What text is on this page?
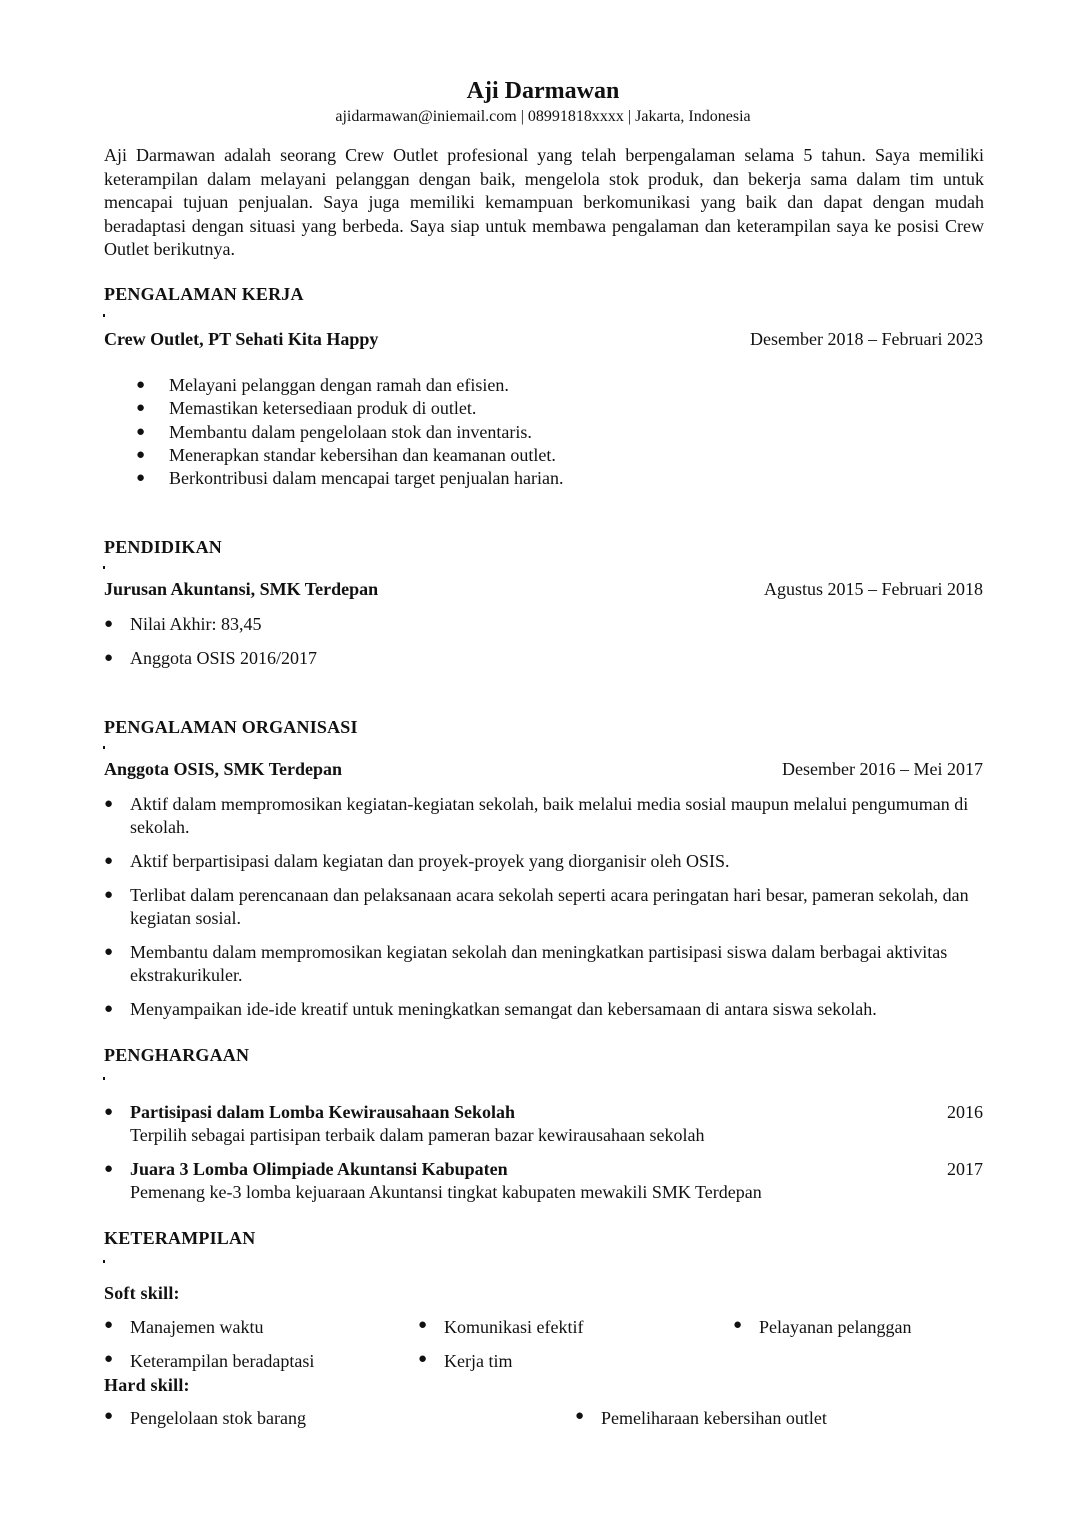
Aji Darmawan
ajidarmawan@iniemail.com | 08991818xxxx | Jakarta, Indonesia
Aji Darmawan adalah seorang Crew Outlet profesional yang telah berpengalaman selama 5 tahun. Saya memiliki keterampilan dalam melayani pelanggan dengan baik, mengelola stok produk, dan bekerja sama dalam tim untuk mencapai tujuan penjualan. Saya juga memiliki kemampuan berkomunikasi yang baik dan dapat dengan mudah beradaptasi dengan situasi yang berbeda. Saya siap untuk membawa pengalaman dan keterampilan saya ke posisi Crew Outlet berikutnya.
PENGALAMAN KERJA
Crew Outlet, PT Sehati Kita Happy	Desember 2018 – Februari 2023
●	Melayani pelanggan dengan ramah dan efisien.
●	Memastikan ketersediaan produk di outlet.
●	Membantu dalam pengelolaan stok dan inventaris.
●	Menerapkan standar kebersihan dan keamanan outlet.
●	Berkontribusi dalam mencapai target penjualan harian.
PENDIDIKAN
Jurusan Akuntansi, SMK Terdepan	Agustus 2015 – Februari 2018
● Nilai Akhir: 83,45
● Anggota OSIS 2016/2017
PENGALAMAN ORGANISASI
Anggota OSIS, SMK Terdepan	Desember 2016 – Mei 2017
● Aktif dalam mempromosikan kegiatan-kegiatan sekolah, baik melalui media sosial maupun melalui pengumuman di sekolah.
● Aktif berpartisipasi dalam kegiatan dan proyek-proyek yang diorganisir oleh OSIS.
● Terlibat dalam perencanaan dan pelaksanaan acara sekolah seperti acara peringatan hari besar, pameran sekolah, dan kegiatan sosial.
● Membantu dalam mempromosikan kegiatan sekolah dan meningkatkan partisipasi siswa dalam berbagai aktivitas ekstrakurikuler.
● Menyampaikan ide-ide kreatif untuk meningkatkan semangat dan kebersamaan di antara siswa sekolah.
PENGHARGAAN
● Partisipasi dalam Lomba Kewirausahaan Sekolah	2016
Terpilih sebagai partisipan terbaik dalam pameran bazar kewirausahaan sekolah
● Juara 3 Lomba Olimpiade Akuntansi Kabupaten	2017
Pemenang ke-3 lomba kejuaraan Akuntansi tingkat kabupaten mewakili SMK Terdepan
KETERAMPILAN
Soft skill:
● Manajemen waktu	● Komunikasi efektif	● Pelayanan pelanggan
● Keterampilan beradaptasi	● Kerja tim
Hard skill:
● Pengelolaan stok barang	● Pemeliharaan kebersihan outlet
